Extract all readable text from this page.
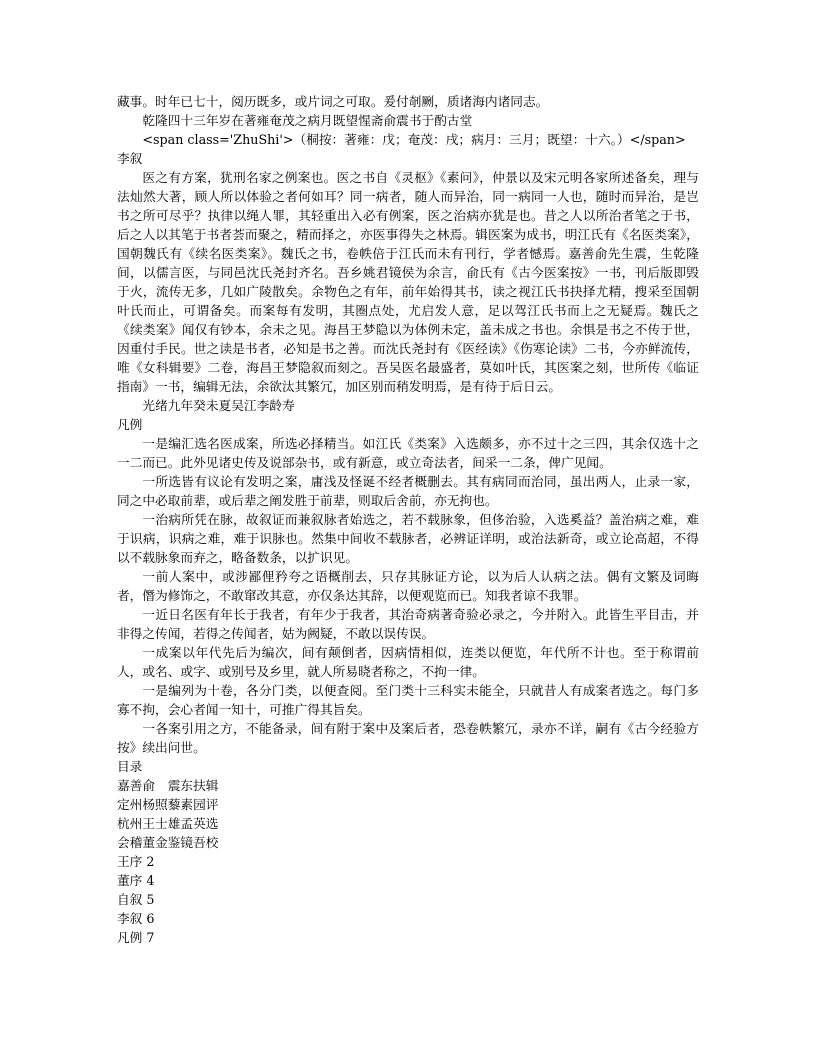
藏事。时年已七十，阅历既多，或片词之可取。爰付剞劂，质诸海内诸同志。

乾隆四十三年岁在著雍奄茂之病月既望惺斋俞震书于酌古堂

<span class='ZhuShi'>（桐按：著雍：戊；奄茂：戌；病月：三月；既望：十六。）</span>

李叙

医之有方案，犹刑名家之例案也。医之书自《灵枢》《素问》，仲景以及宋元明各家所述备矣，理与法灿然大著，顾人所以体验之者何如耳？同一病者，随人而异治，同一病同一人也，随时而异治，是岂书之所可尽乎？执律以绳人罪，其轻重出入必有例案，医之治病亦犹是也。昔之人以所治者笔之于书，后之人以其笔于书者荟而聚之，精而择之，亦医事得失之林焉。辑医案为成书，明江氏有《名医类案》，国朝魏氏有《续名医类案》。魏氏之书，卷帙倍于江氏而未有刊行，学者憾焉。嘉善俞先生震，生乾隆间，以儒言医，与同邑沈氏尧封齐名。吾乡姚君镜侯为余言，俞氏有《古今医案按》一书，刊后版即毁于火，流传无多，几如广陵散矣。余物色之有年，前年始得其书，读之视江氏书抉择尤精，搜采至国朝叶氏而止，可谓备矣。而案每有发明，其圈点处，尤启发人意，足以驾江氏书而上之无疑焉。魏氏之《续类案》闻仅有钞本，余未之见。海昌王梦隐以为体例未定，盖未成之书也。余惧是书之不传于世，因重付手民。世之读是书者，必知是书之善。而沈氏尧封有《医经读》《伤寒论读》二书，今亦鲜流传，唯《女科辑要》二卷，海昌王梦隐叙而刻之。吾吴医名最盛者，莫如叶氏，其医案之刻，世所传《临证指南》一书，编辑无法，余欲汰其繁冗，加区别而稍发明焉，是有待于后日云。

光绪九年癸未夏吴江李龄寿

凡例

一是编汇选名医成案，所选必择精当。如江氏《类案》入选颇多，亦不过十之三四，其余仅选十之一二而已。此外见诸史传及说部杂书，或有新意，或立奇法者，间采一二条，俾广见闻。

一所选皆有议论有发明之案，庸浅及怪诞不经者概删去。其有病同而治同，虽出两人，止录一家，同之中必取前辈，或后辈之阐发胜于前辈，则取后舍前，亦无拘也。

一治病所凭在脉，故叙证而兼叙脉者始选之，若不载脉象，但侈治验，入选奚益？盖治病之难，难于识病，识病之难，难于识脉也。然集中间收不载脉者，必辨证详明，或治法新奇，或立论高超，不得以不载脉象而弃之，略备数条，以扩识见。

一前人案中，或涉鄙俚矜夸之语概削去，只存其脉证方论，以为后人认病之法。偶有文繁及词晦者，僭为修饰之，不敢窜改其意，亦仅条达其辞，以便观览而已。知我者谅不我罪。

一近日名医有年长于我者，有年少于我者，其治奇病著奇验必录之，今并附入。此皆生平目击，并非得之传闻，若得之传闻者，姑为阙疑，不敢以误传误。

一成案以年代先后为编次，间有颠倒者，因病情相似，连类以便览，年代所不计也。至于称谓前人，或名、或字、或别号及乡里，就人所易晓者称之，不拘一律。

一是编列为十卷，各分门类，以便查阅。至门类十三科实未能全，只就昔人有成案者选之。每门多寡不拘，会心者闻一知十，可推广得其旨矣。

一各案引用之方，不能备录，间有附于案中及案后者，恐卷帙繁冗，录亦不详，嗣有《古今经验方按》续出问世。

目录

嘉善俞　震东扶辑

定州杨照藜素园评

杭州王士雄孟英选

会稽董金鉴镜吾校

王序 2

董序 4

自叙 5

李叙 6

凡例 7
